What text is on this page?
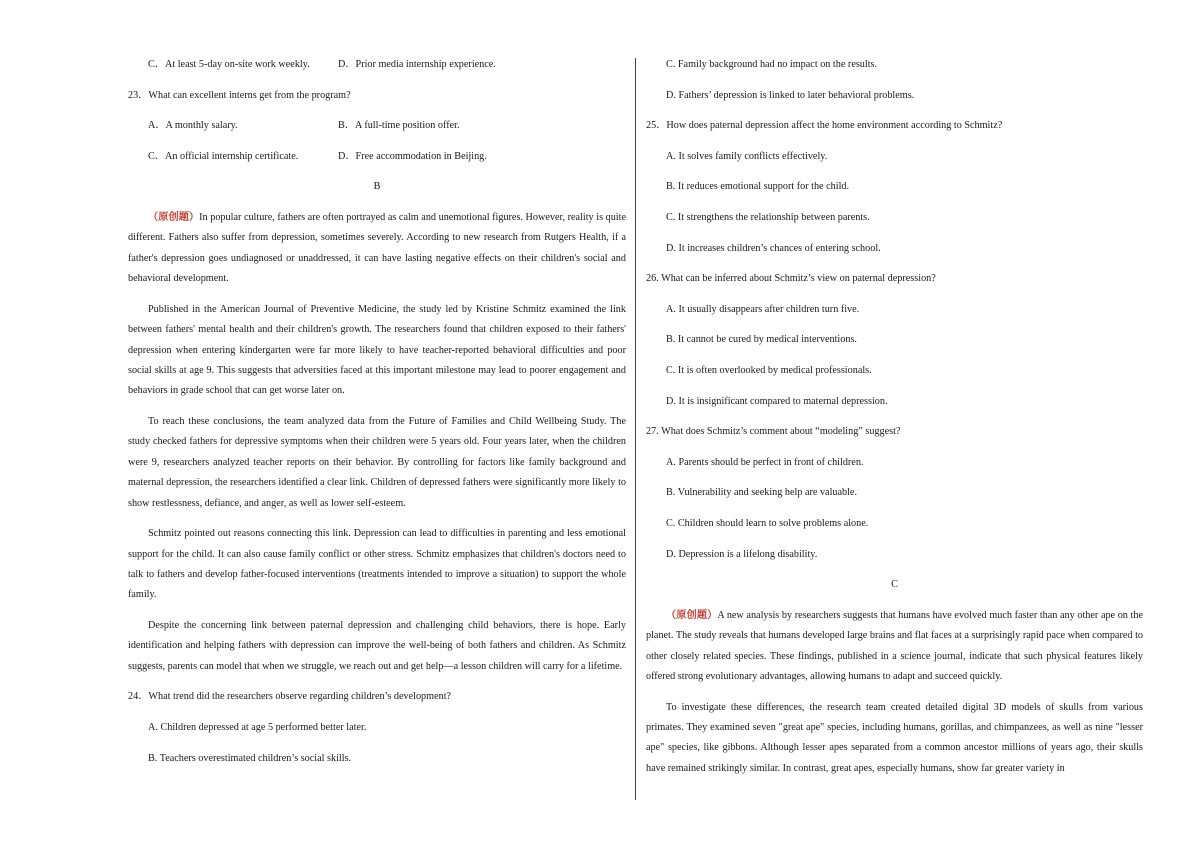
C．At least 5-day on-site work weekly.	D．Prior media internship experience.
23．What can excellent interns get from the program?
A．A monthly salary.	B．A full-time position offer.
C．An official internship certificate.	D．Free accommodation in Beijing.
B
（原创题）In popular culture, fathers are often portrayed as calm and unemotional figures. However, reality is quite different. Fathers also suffer from depression, sometimes severely. According to new research from Rutgers Health, if a father's depression goes undiagnosed or unaddressed, it can have lasting negative effects on their children's social and behavioral development.
Published in the American Journal of Preventive Medicine, the study led by Kristine Schmitz examined the link between fathers' mental health and their children's growth. The researchers found that children exposed to their fathers' depression when entering kindergarten were far more likely to have teacher-reported behavioral difficulties and poor social skills at age 9. This suggests that adversities faced at this important milestone may lead to poorer engagement and behaviors in grade school that can get worse later on.
To reach these conclusions, the team analyzed data from the Future of Families and Child Wellbeing Study. The study checked fathers for depressive symptoms when their children were 5 years old. Four years later, when the children were 9, researchers analyzed teacher reports on their behavior. By controlling for factors like family background and maternal depression, the researchers identified a clear link. Children of depressed fathers were significantly more likely to show restlessness, defiance, and anger, as well as lower self-esteem.
Schmitz pointed out reasons connecting this link. Depression can lead to difficulties in parenting and less emotional support for the child. It can also cause family conflict or other stress. Schmitz emphasizes that children's doctors need to talk to fathers and develop father-focused interventions (treatments intended to improve a situation) to support the whole family.
Despite the concerning link between paternal depression and challenging child behaviors, there is hope. Early identification and helping fathers with depression can improve the well-being of both fathers and children. As Schmitz suggests, parents can model that when we struggle, we reach out and get help—a lesson children will carry for a lifetime.
24．What trend did the researchers observe regarding children’s development?
A. Children depressed at age 5 performed better later.
B. Teachers overestimated children’s social skills.
C. Family background had no impact on the results.
D. Fathers’ depression is linked to later behavioral problems.
25．How does paternal depression affect the home environment according to Schmitz?
A. It solves family conflicts effectively.
B. It reduces emotional support for the child.
C. It strengthens the relationship between parents.
D. It increases children’s chances of entering school.
26. What can be inferred about Schmitz’s view on paternal depression?
A. It usually disappears after children turn five.
B. It cannot be cured by medical interventions.
C. It is often overlooked by medical professionals.
D. It is insignificant compared to maternal depression.
27. What does Schmitz’s comment about “modeling” suggest?
A. Parents should be perfect in front of children.
B. Vulnerability and seeking help are valuable.
C. Children should learn to solve problems alone.
D. Depression is a lifelong disability.
C
（原创题）A new analysis by researchers suggests that humans have evolved much faster than any other ape on the planet. The study reveals that humans developed large brains and flat faces at a surprisingly rapid pace when compared to other closely related species. These findings, published in a science journal, indicate that such physical features likely offered strong evolutionary advantages, allowing humans to adapt and succeed quickly.
To investigate these differences, the research team created detailed digital 3D models of skulls from various primates. They examined seven "great ape" species, including humans, gorillas, and chimpanzees, as well as nine "lesser ape" species, like gibbons. Although lesser apes separated from a common ancestor millions of years ago, their skulls have remained strikingly similar. In contrast, great apes, especially humans, show far greater variety in
